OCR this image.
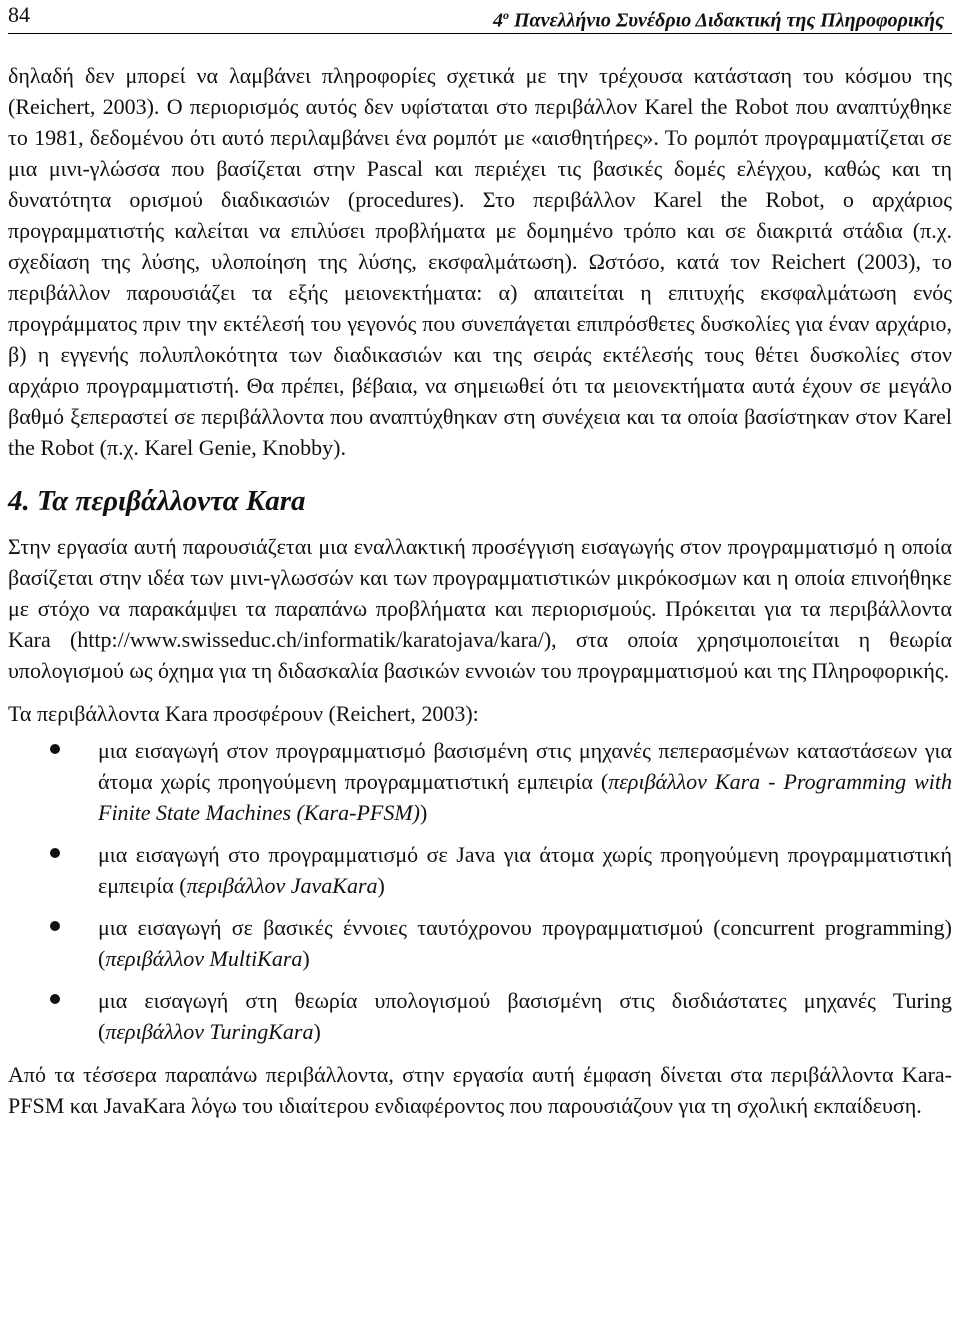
84	4$^o$ Πανελλήνιο Συνέδριο Διδακτική της Πληροφορικής

δηλαδή δεν μπορεί να λαμβάνει πληροφορίες σχετικά με την τρέχουσα κατάσταση του κόσμου της (Reichert, 2003). Ο περιορισμός αυτός δεν υφίσταται στο περιβάλλον Karel the Robot που αναπτύχθηκε το 1981, δεδομένου ότι αυτό περιλαμβάνει ένα ρομπότ με «αισθητήρες». Το ρομπότ προγραμματίζεται σε μια μινι-γλώσσα που βασίζεται στην Pascal και περιέχει τις βασικές δομές ελέγχου, καθώς και τη δυνατότητα ορισμού διαδικασιών (procedures). Στο περιβάλλον Karel the Robot, ο αρχάριος προγραμματιστής καλείται να επιλύσει προβλήματα με δομημένο τρόπο και σε διακριτά στάδια (π.χ. σχεδίαση της λύσης, υλοποίηση της λύσης, εκσφαλμάτωση). Ωστόσο, κατά τον Reichert (2003), το περιβάλλον παρουσιάζει τα εξής μειονεκτήματα: α) απαιτείται η επιτυχής εκσφαλμάτωση ενός προγράμματος πριν την εκτέλεσή του γεγονός που συνεπάγεται επιπρόσθετες δυσκολίες για έναν αρχάριο, β) η εγγενής πολυπλοκότητα των διαδικασιών και της σειράς εκτέλεσής τους θέτει δυσκολίες στον αρχάριο προγραμματιστή. Θα πρέπει, βέβαια, να σημειωθεί ότι τα μειονεκτήματα αυτά έχουν σε μεγάλο βαθμό ξεπεραστεί σε περιβάλλοντα που αναπτύχθηκαν στη συνέχεια και τα οποία βασίστηκαν στον Karel the Robot (π.χ. Karel Genie, Knobby).

4. Τα περιβάλλοντα Kara

Στην εργασία αυτή παρουσιάζεται μια εναλλακτική προσέγγιση εισαγωγής στον προγραμματισμό η οποία βασίζεται στην ιδέα των μινι-γλωσσών και των προγραμματιστικών μικρόκοσμων και η οποία επινοήθηκε με στόχο να παρακάμψει τα παραπάνω προβλήματα και περιορισμούς. Πρόκειται για τα περιβάλλοντα Kara (http://www.swisseduc.ch/informatik/karatojava/kara/), στα οποία χρησιμοποιείται η θεωρία υπολογισμού ως όχημα για τη διδασκαλία βασικών εννοιών του προγραμματισμού και της Πληροφορικής.

Τα περιβάλλοντα Kara προσφέρουν (Reichert, 2003):

μια εισαγωγή στον προγραμματισμό βασισμένη στις μηχανές πεπερασμένων καταστάσεων για άτομα χωρίς προηγούμενη προγραμματιστική εμπειρία (περιβάλλον Kara - Programming with Finite State Machines (Kara-PFSM))
μια εισαγωγή στο προγραμματισμό σε Java για άτομα χωρίς προηγούμενη προγραμματιστική εμπειρία (περιβάλλον JavaKara)
μια εισαγωγή σε βασικές έννοιες ταυτόχρονου προγραμματισμού (concurrent programming) (περιβάλλον MultiKara)
μια εισαγωγή στη θεωρία υπολογισμού βασισμένη στις δισδιάστατες μηχανές Turing (περιβάλλον TuringKara)

Από τα τέσσερα παραπάνω περιβάλλοντα, στην εργασία αυτή έμφαση δίνεται στα περιβάλλοντα Kara-PFSM και JavaKara λόγω του ιδιαίτερου ενδιαφέροντος που παρουσιάζουν για τη σχολική εκπαίδευση.
